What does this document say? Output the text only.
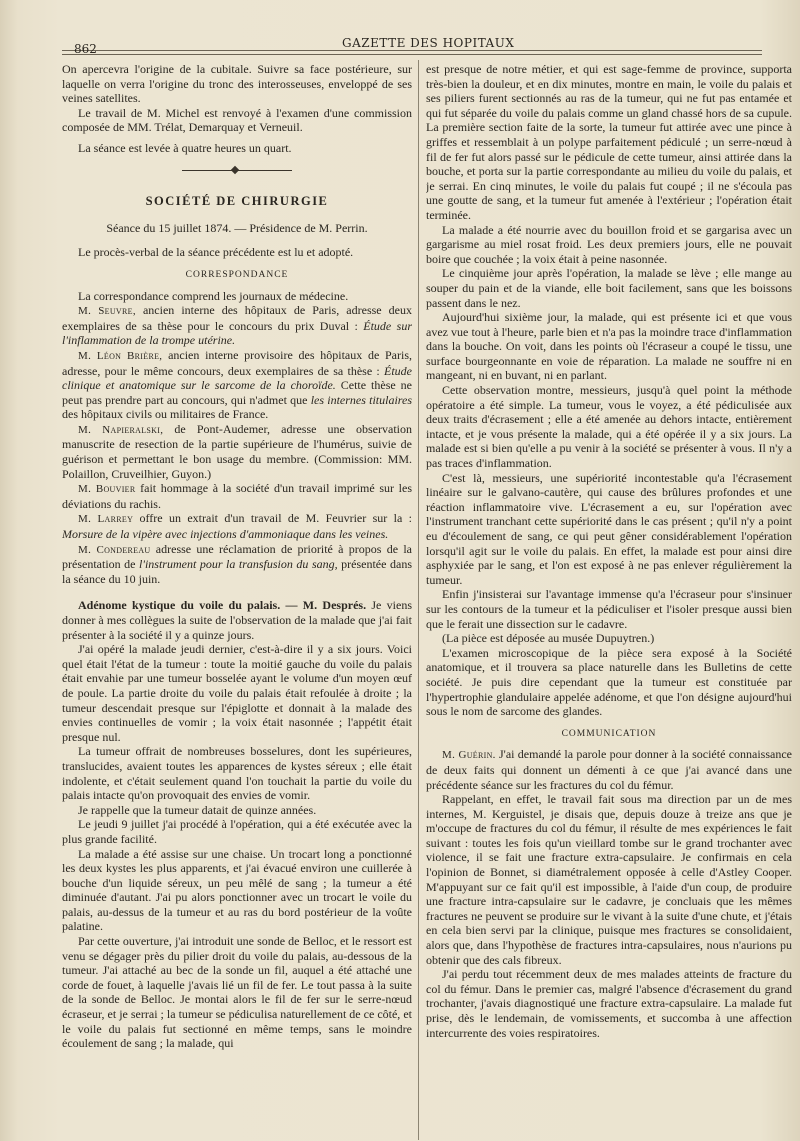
862	GAZETTE DES HOPITAUX

On apercevra l'origine de la cubitale. Suivre sa face postérieure, sur laquelle on verra l'origine du tronc des interosseuses, enveloppé de ses veines satellites.

Le travail de M. Michel est renvoyé à l'examen d'une commission composée de MM. Trélat, Demarquay et Verneuil.

La séance est levée à quatre heures un quart.

SOCIÉTÉ DE CHIRURGIE

Séance du 15 juillet 1874. — Présidence de M. Perrin.

Le procès-verbal de la séance précédente est lu et adopté.

CORRESPONDANCE

La correspondance comprend les journaux de médecine.

M. Seuvre, ancien interne des hôpitaux de Paris, adresse deux exemplaires de sa thèse pour le concours du prix Duval : Étude sur l'inflammation de la trompe utérine.

M. Léon Brière, ancien interne provisoire des hôpitaux de Paris, adresse, pour le même concours, deux exemplaires de sa thèse : Étude clinique et anatomique sur le sarcome de la choroïde. Cette thèse ne peut pas prendre part au concours, qui n'admet que les internes titulaires des hôpitaux civils ou militaires de France.

M. Napieralski, de Pont-Audemer, adresse une observation manuscrite de resection de la partie supérieure de l'humérus, suivie de guérison et permettant le bon usage du membre. (Commission: MM. Polaillon, Cruveilhier, Guyon.)

M. Bouvier fait hommage à la société d'un travail imprimé sur les déviations du rachis.

M. Larrey offre un extrait d'un travail de M. Feuvrier sur la : Morsure de la vipère avec injections d'ammoniaque dans les veines.

M. Condereau adresse une réclamation de priorité à propos de la présentation de l'instrument pour la transfusion du sang, présentée dans la séance du 10 juin.

Adénome kystique du voile du palais. — M. Després. Je viens donner à mes collègues la suite de l'observation de la malade que j'ai fait présenter à la société il y a quinze jours.

J'ai opéré la malade jeudi dernier, c'est-à-dire il y a six jours. Voici quel était l'état de la tumeur : toute la moitié gauche du voile du palais était envahie par une tumeur bosselée ayant le volume d'un moyen œuf de poule. La partie droite du voile du palais était refoulée à droite ; la tumeur descendait presque sur l'épiglotte et donnait à la malade des envies continuelles de vomir ; la voix était nasonnée ; l'appétit était presque nul.

La tumeur offrait de nombreuses bosselures, dont les supérieures, translucides, avaient toutes les apparences de kystes séreux ; elle était indolente, et c'était seulement quand l'on touchait la partie du voile du palais intacte qu'on provoquait des envies de vomir.

Je rappelle que la tumeur datait de quinze années.

Le jeudi 9 juillet j'ai procédé à l'opération, qui a été exécutée avec la plus grande facilité.

La malade a été assise sur une chaise. Un trocart long a ponctionné les deux kystes les plus apparents, et j'ai évacué environ une cuillerée à bouche d'un liquide séreux, un peu mêlé de sang ; la tumeur a été diminuée d'autant. J'ai pu alors ponctionner avec un trocart le voile du palais, au-dessus de la tumeur et au ras du bord postérieur de la voûte palatine.

Par cette ouverture, j'ai introduit une sonde de Belloc, et le ressort est venu se dégager près du pilier droit du voile du palais, au-dessous de la tumeur. J'ai attaché au bec de la sonde un fil, auquel a été attaché une corde de fouet, à laquelle j'avais lié un fil de fer. Le tout passa à la suite de la sonde de Belloc. Je montai alors le fil de fer sur le serre-nœud écraseur, et je serrai ; la tumeur se pédiculisa naturellement de ce côté, et le voile du palais fut sectionné en même temps, sans le moindre écoulement de sang ; la malade, qui

est presque de notre métier, et qui est sage-femme de province, supporta très-bien la douleur, et en dix minutes, montre en main, le voile du palais et ses piliers furent sectionnés au ras de la tumeur, qui ne fut pas entamée et qui fut séparée du voile du palais comme un gland chassé hors de sa cupule. La première section faite de la sorte, la tumeur fut attirée avec une pince à griffes et ressemblait à un polype parfaitement pédiculé ; un serre-nœud à fil de fer fut alors passé sur le pédicule de cette tumeur, ainsi attirée dans la bouche, et porta sur la partie correspondante au milieu du voile du palais, et je serrai. En cinq minutes, le voile du palais fut coupé ; il ne s'écoula pas une goutte de sang, et la tumeur fut amenée à l'extérieur ; l'opération était terminée.

La malade a été nourrie avec du bouillon froid et se gargarisa avec un gargarisme au miel rosat froid. Les deux premiers jours, elle ne pouvait boire que couchée ; la voix était à peine nasonnée.

Le cinquième jour après l'opération, la malade se lève ; elle mange au souper du pain et de la viande, elle boit facilement, sans que les boissons passent dans le nez.

Aujourd'hui sixième jour, la malade, qui est présente ici et que vous avez vue tout à l'heure, parle bien et n'a pas la moindre trace d'inflammation dans la bouche. On voit, dans les points où l'écraseur a coupé le tissu, une surface bourgeonnante en voie de réparation. La malade ne souffre ni en mangeant, ni en buvant, ni en parlant.

Cette observation montre, messieurs, jusqu'à quel point la méthode opératoire a été simple. La tumeur, vous le voyez, a été pédiculisée aux deux traits d'écrasement ; elle a été amenée au dehors intacte, entièrement intacte, et je vous présente la malade, qui a été opérée il y a six jours. La malade est si bien qu'elle a pu venir à la société se présenter à vous. Il n'y a pas traces d'inflammation.

C'est là, messieurs, une supériorité incontestable qu'a l'écrasement linéaire sur le galvano-cautère, qui cause des brûlures profondes et une réaction inflammatoire vive. L'écrasement a eu, sur l'opération avec l'instrument tranchant cette supériorité dans le cas présent ; qu'il n'y a point eu d'écoulement de sang, ce qui peut gêner considérablement l'opération lorsqu'il agit sur le voile du palais. En effet, la malade est pour ainsi dire asphyxiée par le sang, et l'on est exposé à ne pas enlever régulièrement la tumeur.

Enfin j'insisterai sur l'avantage immense qu'a l'écraseur pour s'insinuer sur les contours de la tumeur et la pédiculiser et l'isoler presque aussi bien que le ferait une dissection sur le cadavre.

(La pièce est déposée au musée Dupuytren.)

L'examen microscopique de la pièce sera exposé à la Société anatomique, et il trouvera sa place naturelle dans les Bulletins de cette société. Je puis dire cependant que la tumeur est constituée par l'hypertrophie glandulaire appelée adénome, et que l'on désigne aujourd'hui sous le nom de sarcome des glandes.

COMMUNICATION

M. Guérin. J'ai demandé la parole pour donner à la société connaissance de deux faits qui donnent un démenti à ce que j'ai avancé dans une précédente séance sur les fractures du col du fémur.

Rappelant, en effet, le travail fait sous ma direction par un de mes internes, M. Kerguistel, je disais que, depuis douze à treize ans que je m'occupe de fractures du col du fémur, il résulte de mes expériences le fait suivant : toutes les fois qu'un vieillard tombe sur le grand trochanter avec violence, il se fait une fracture extra-capsulaire. Je confirmais en cela l'opinion de Bonnet, si diamétralement opposée à celle d'Astley Cooper. M'appuyant sur ce fait qu'il est impossible, à l'aide d'un coup, de produire une fracture intra-capsulaire sur le cadavre, je concluais que les mêmes fractures ne peuvent se produire sur le vivant à la suite d'une chute, et j'étais en cela bien servi par la clinique, puisque mes fractures se consolidaient, alors que, dans l'hypothèse de fractures intra-capsulaires, nous n'aurions pu obtenir que des cals fibreux.

J'ai perdu tout récemment deux de mes malades atteints de fracture du col du fémur. Dans le premier cas, malgré l'absence d'écrasement du grand trochanter, j'avais diagnostiqué une fracture extra-capsulaire. La malade fut prise, dès le lendemain, de vomissements, et succomba à une affection intercurrente des voies respiratoires.
